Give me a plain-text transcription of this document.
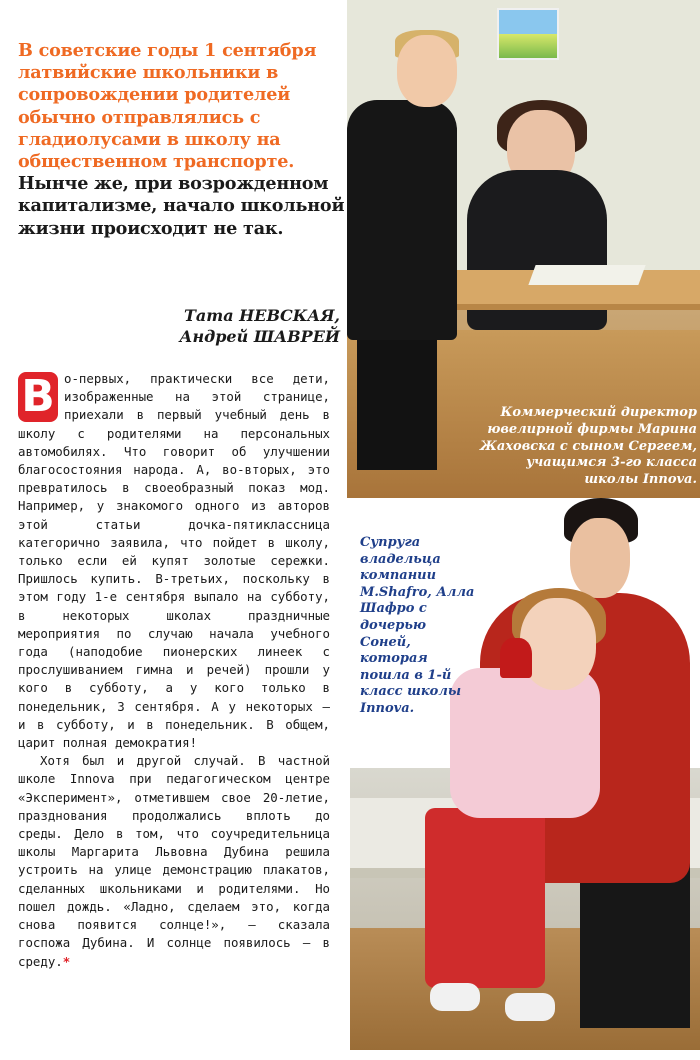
В советские годы 1 сентября латвийские школьники в сопровождении родителей обычно отправлялись с гладиолусами в школу на общественном транспорте. Нынче же, при возрожденном капитализме, начало школьной жизни происходит не так.
Тата НЕВСКАЯ,
Андрей ШАВРЕЙ

В о-первых, практически все дети, изображенные на этой странице, приехали в первый учебный день в школу с родителями на персональных автомобилях. Что говорит об улучшении благосостояния народа. А, во-вторых, это превратилось в своеобразный показ мод. Например, у знакомого одного из авторов этой статьи дочка-пятиклассница категорично заявила, что пойдет в школу, только если ей купят золотые сережки. Пришлось купить. В-третьих, поскольку в этом году 1-е сентября выпало на субботу, в некоторых школах праздничные мероприятия по случаю начала учебного года (наподобие пионерских линеек с прослушиванием гимна и речей) прошли у кого в субботу, а у кого только в понедельник, 3 сентября. А у некоторых – и в субботу, и в понедельник. В общем, царит полная демократия!

Хотя был и другой случай. В частной школе Innova при педагогическом центре «Эксперимент», отметившем свое 20-летие, празднования продолжались вплоть до среды. Дело в том, что соучредительница школы Маргарита Львовна Дубина решила устроить на улице демонстрацию плакатов, сделанных школьниками и родителями. Но пошел дождь. «Ладно, сделаем это, когда снова появится солнце!», – сказала госпожа Дубина. И солнце появилось – в среду.*

Коммерческий директор ювелирной фирмы Марина Жаховска с сыном Сергеем, учащимся 3-го класса школы Innova.
Супруга владельца компании M.Shafro, Алла Шафро с дочерью Соней, которая пошла в 1-й класс школы Innova.
